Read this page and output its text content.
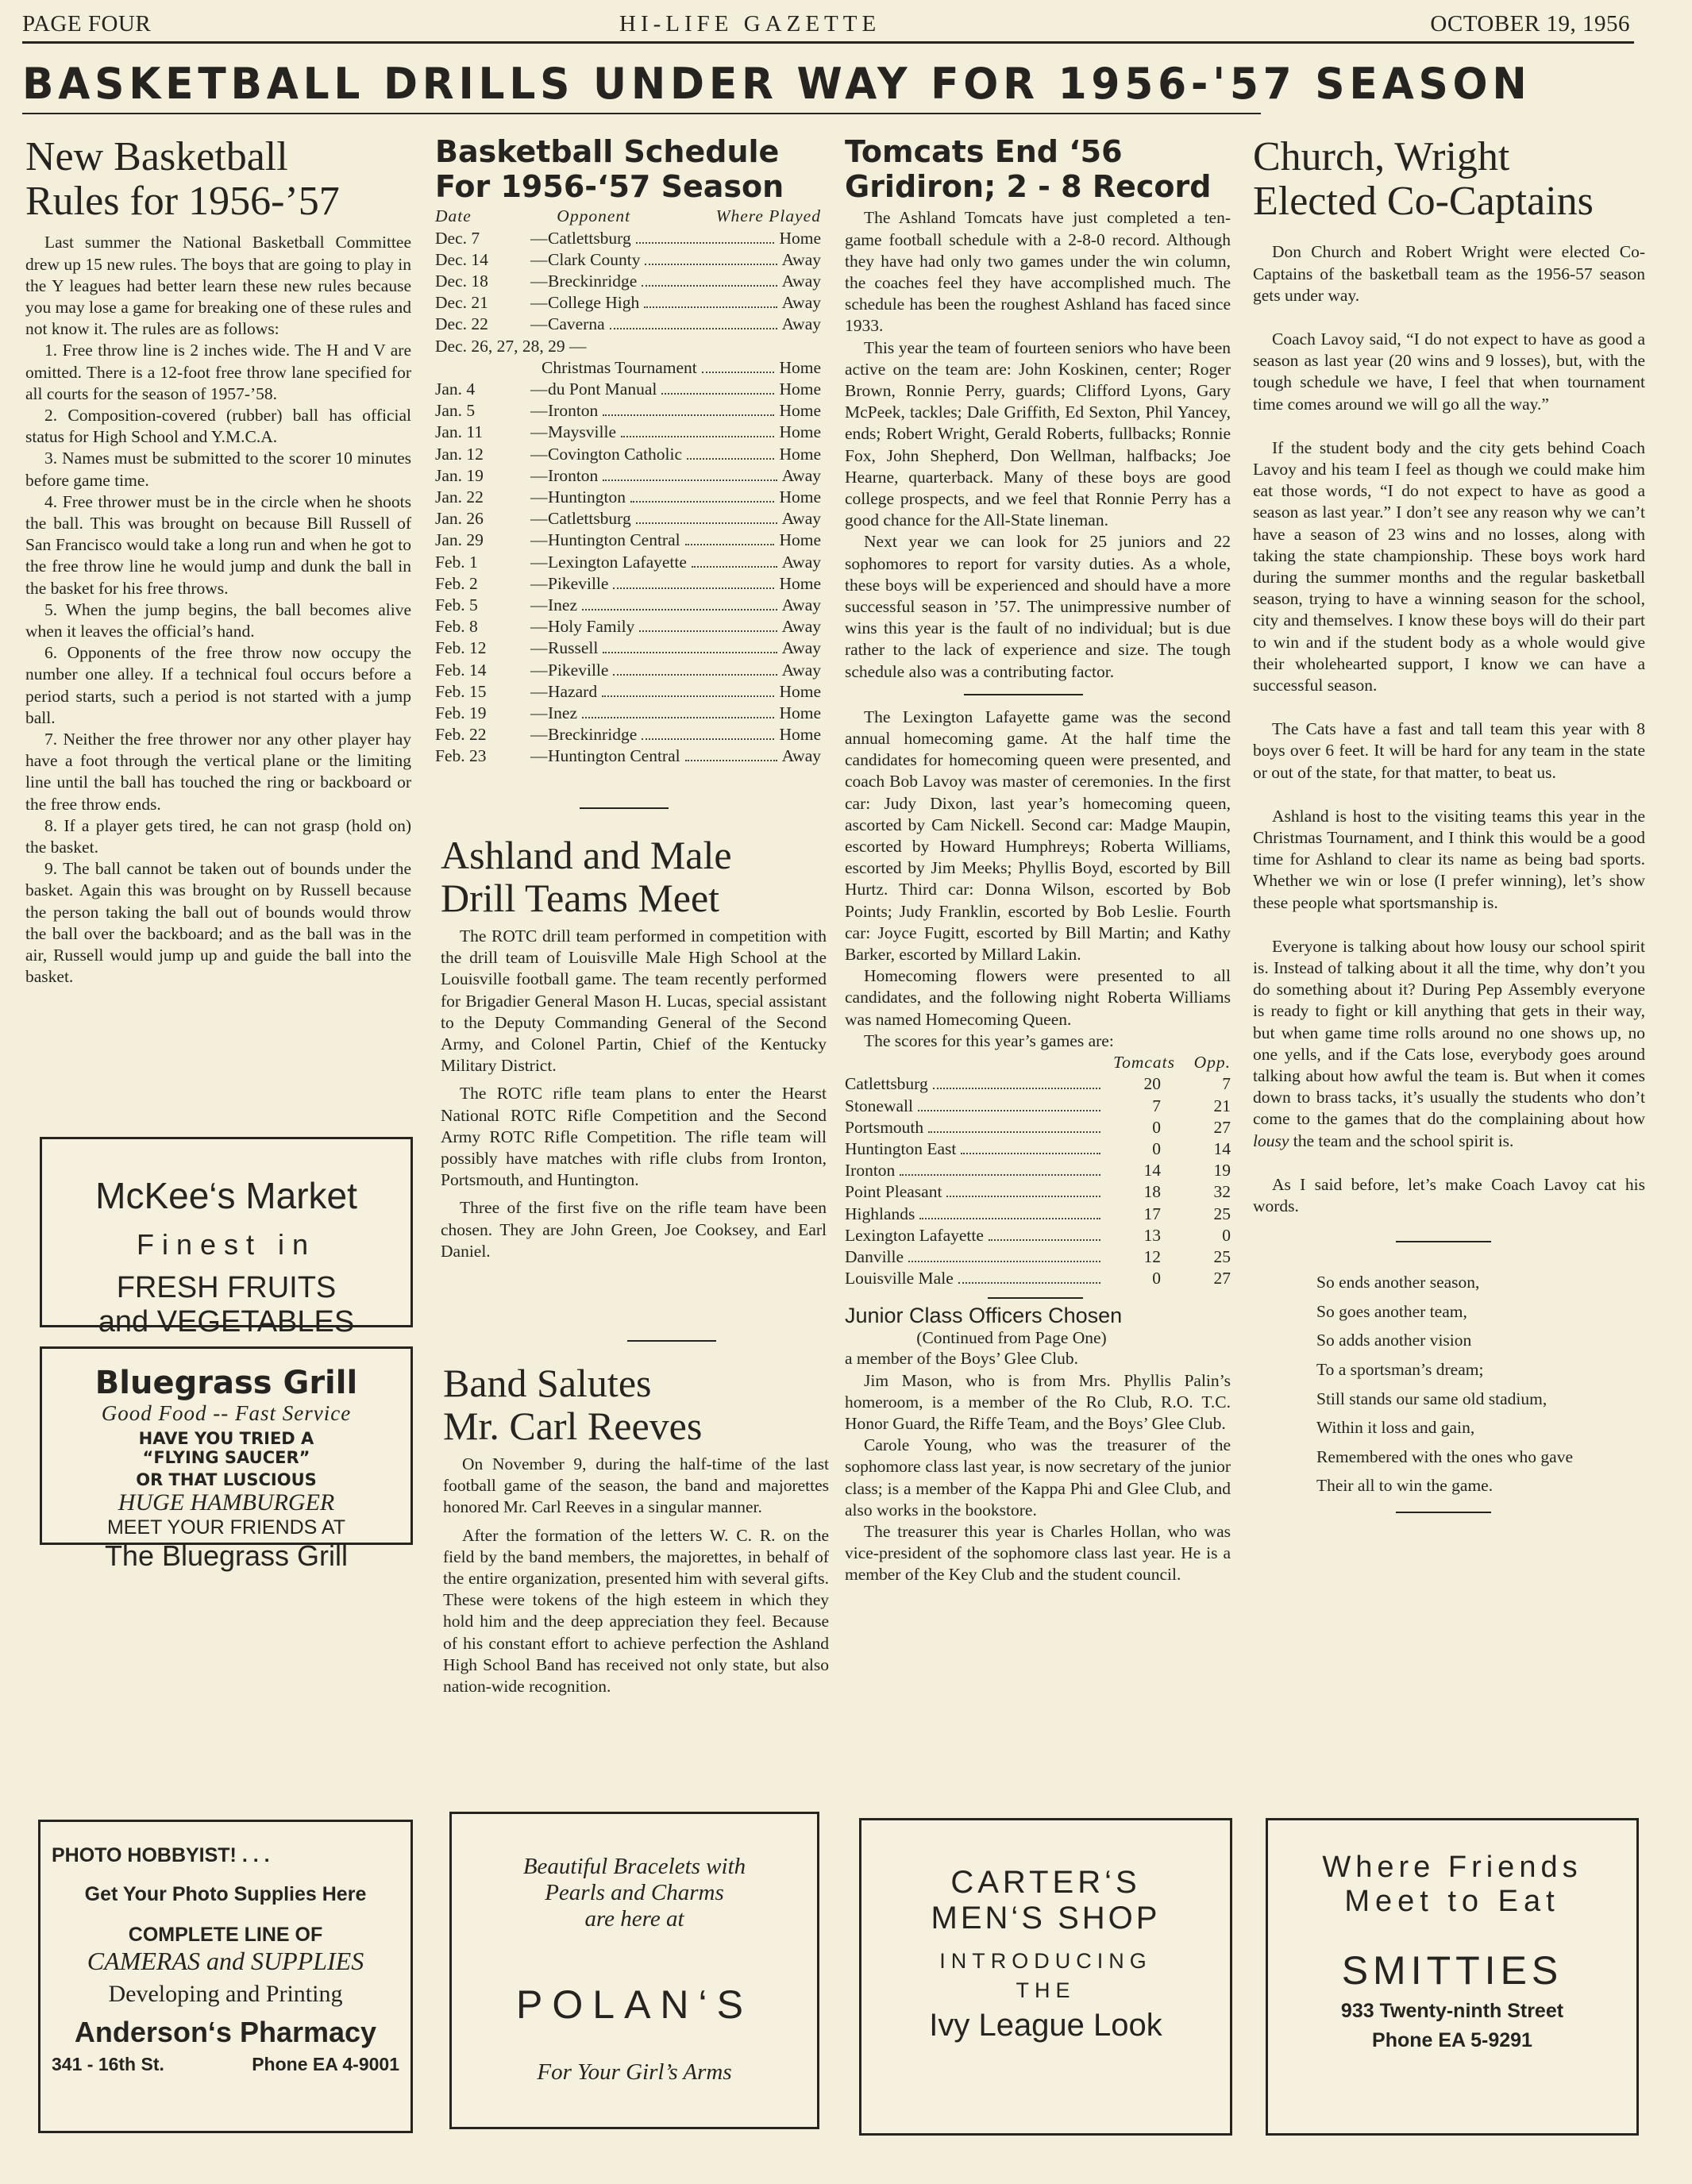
PAGE FOUR	HI-LIFE GAZETTE	OCTOBER 19, 1956
BASKETBALL DRILLS UNDER WAY FOR 1956-'57 SEASON
New Basketball
Rules for 1956-’57

Last summer the National Basketball Committee drew up 15 new rules. The boys that are going to play in the Y leagues had better learn these new rules because you may lose a game for breaking one of these rules and not know it. The rules are as follows:

1. Free throw line is 2 inches wide. The H and V are omitted. There is a 12-foot free throw lane specified for all courts for the season of 1957-’58.

2. Composition-covered (rubber) ball has official status for High School and Y.M.C.A.

3. Names must be submitted to the scorer 10 minutes before game time.

4. Free thrower must be in the circle when he shoots the ball. This was brought on because Bill Russell of San Francisco would take a long run and when he got to the free throw line he would jump and dunk the ball in the basket for his free throws.

5. When the jump begins, the ball becomes alive when it leaves the official’s hand.

6. Opponents of the free throw now occupy the number one alley. If a technical foul occurs before a period starts, such a period is not started with a jump ball.

7. Neither the free thrower nor any other player hay have a foot through the vertical plane or the limiting line until the ball has touched the ring or backboard or the free throw ends.

8. If a player gets tired, he can not grasp (hold on) the basket.

9. The ball cannot be taken out of bounds under the basket. Again this was brought on by Russell because the person taking the ball out of bounds would throw the ball over the backboard; and as the ball was in the air, Russell would jump up and guide the ball into the basket.

McKee‘s Market
Finest in
FRESH FRUITS
and VEGETABLES
Bluegrass Grill
Good Food -- Fast Service
HAVE YOU TRIED A
“FLYING SAUCER”
OR THAT LUSCIOUS
HUGE HAMBURGER
MEET YOUR FRIENDS AT
The Bluegrass Grill
PHOTO HOBBYIST! . . .
Get Your Photo Supplies Here
COMPLETE LINE OF
CAMERAS and SUPPLIES
Developing and Printing
Anderson‘s Pharmacy
341 - 16th St.	Phone EA 4-9001
Basketball Schedule
For 1956-‘57 Season
Date	Opponent	Where Played
Dec. 7	— Catlettsburg	Home
Dec. 14	— Clark County	Away
Dec. 18	— Breckinridge	Away
Dec. 21	— College High	Away
Dec. 22	— Caverna	Away
Dec. 26, 27, 28, 29 —
Christmas Tournament	Home
Jan. 4	— du Pont Manual	Home
Jan. 5	— Ironton	Home
Jan. 11	— Maysville	Home
Jan. 12	— Covington Catholic	Home
Jan. 19	— Ironton	Away
Jan. 22	— Huntington	Home
Jan. 26	— Catlettsburg	Away
Jan. 29	— Huntington Central	Home
Feb. 1	— Lexington Lafayette	Away
Feb. 2	— Pikeville	Home
Feb. 5	— Inez	Away
Feb. 8	— Holy Family	Away
Feb. 12	— Russell	Away
Feb. 14	— Pikeville	Away
Feb. 15	— Hazard	Home
Feb. 19	— Inez	Home
Feb. 22	— Breckinridge	Home
Feb. 23	— Huntington Central	Away
Ashland and Male
Drill Teams Meet

The ROTC drill team performed in competition with the drill team of Louisville Male High School at the Louisville football game. The team recently performed for Brigadier General Mason H. Lucas, special assistant to the Deputy Commanding General of the Second Army, and Colonel Partin, Chief of the Kentucky Military District.

The ROTC rifle team plans to enter the Hearst National ROTC Rifle Competition and the Second Army ROTC Rifle Competition. The rifle team will possibly have matches with rifle clubs from Ironton, Portsmouth, and Huntington.

Three of the first five on the rifle team have been chosen. They are John Green, Joe Cooksey, and Earl Daniel.

Band Salutes
Mr. Carl Reeves

On November 9, during the half-time of the last football game of the season, the band and majorettes honored Mr. Carl Reeves in a singular manner.

After the formation of the letters W. C. R. on the field by the band members, the majorettes, in behalf of the entire organization, presented him with several gifts. These were tokens of the high esteem in which they hold him and the deep appreciation they feel. Because of his constant effort to achieve perfection the Ashland High School Band has received not only state, but also nation-wide recognition.

Beautiful Bracelets with
Pearls and Charms
are here at
POLAN‘S
For Your Girl’s Arms
Tomcats End ‘56
Gridiron; 2 - 8 Record

The Ashland Tomcats have just completed a ten-game football schedule with a 2-8-0 record. Although they have had only two games under the win column, the coaches feel they have accomplished much. The schedule has been the roughest Ashland has faced since 1933.

This year the team of fourteen seniors who have been active on the team are: John Koskinen, center; Roger Brown, Ronnie Perry, guards; Clifford Lyons, Gary McPeek, tackles; Dale Griffith, Ed Sexton, Phil Yancey, ends; Robert Wright, Gerald Roberts, fullbacks; Ronnie Fox, John Shepherd, Don Wellman, halfbacks; Joe Hearne, quarterback. Many of these boys are good college prospects, and we feel that Ronnie Perry has a good chance for the All-State lineman.

Next year we can look for 25 juniors and 22 sophomores to report for varsity duties. As a whole, these boys will be experienced and should have a more successful season in ’57. The unimpressive number of wins this year is the fault of no individual; but is due rather to the lack of experience and size. The tough schedule also was a contributing factor.

The Lexington Lafayette game was the second annual homecoming game. At the half time the candidates for homecoming queen were presented, and coach Bob Lavoy was master of ceremonies. In the first car: Judy Dixon, last year’s homecoming queen, ascorted by Cam Nickell. Second car: Madge Maupin, escorted by Howard Humphreys; Roberta Williams, escorted by Jim Meeks; Phyllis Boyd, escorted by Bill Hurtz. Third car: Donna Wilson, escorted by Bob Points; Judy Franklin, escorted by Bob Leslie. Fourth car: Joyce Fugitt, escorted by Bill Martin; and Kathy Barker, escorted by Millard Lakin.

Homecoming flowers were presented to all candidates, and the following night Roberta Williams was named Homecoming Queen.

The scores for this year’s games are:

Tomcats	Opp.
Catlettsburg	20	7
Stonewall	7	21
Portsmouth	0	27
Huntington East	0	14
Ironton	14	19
Point Pleasant	18	32
Highlands	17	25
Lexington Lafayette	13	0
Danville	12	25
Louisville Male	0	27
Junior Class Officers Chosen
(Continued from Page One)
a member of the Boys’ Glee Club.

Jim Mason, who is from Mrs. Phyllis Palin’s homeroom, is a member of the Ro Club, R.O. T.C. Honor Guard, the Riffe Team, and the Boys’ Glee Club.

Carole Young, who was the treasurer of the sophomore class last year, is now secretary of the junior class; is a member of the Kappa Phi and Glee Club, and also works in the bookstore.

The treasurer this year is Charles Hollan, who was vice-president of the sophomore class last year. He is a member of the Key Club and the student council.

CARTER‘S
MEN‘S SHOP
INTRODUCING
THE
Ivy League Look
Church, Wright
Elected Co-Captains

Don Church and Robert Wright were elected Co-Captains of the basketball team as the 1956-57 season gets under way.

Coach Lavoy said, “I do not expect to have as good a season as last year (20 wins and 9 losses), but, with the tough schedule we have, I feel that when tournament time comes around we will go all the way.”

If the student body and the city gets behind Coach Lavoy and his team I feel as though we could make him eat those words, “I do not expect to have as good a season as last year.” I don’t see any reason why we can’t have a season of 23 wins and no losses, along with taking the state championship. These boys work hard during the summer months and the regular basketball season, trying to have a winning season for the school, city and themselves. I know these boys will do their part to win and if the student body as a whole would give their wholehearted support, I know we can have a successful season.

The Cats have a fast and tall team this year with 8 boys over 6 feet. It will be hard for any team in the state or out of the state, for that matter, to beat us.

Ashland is host to the visiting teams this year in the Christmas Tournament, and I think this would be a good time for Ashland to clear its name as being bad sports. Whether we win or lose (I prefer winning), let’s show these people what sportsmanship is.

Everyone is talking about how lousy our school spirit is. Instead of talking about it all the time, why don’t you do something about it? During Pep Assembly everyone is ready to fight or kill anything that gets in their way, but when game time rolls around no one shows up, no one yells, and if the Cats lose, everybody goes around talking about how awful the team is. But when it comes down to brass tacks, it’s usually the students who don’t come to the games that do the complaining about how lousy the team and the school spirit is.

As I said before, let’s make Coach Lavoy cat his words.

So ends another season,
So goes another team,
So adds another vision
To a sportsman’s dream;
Still stands our same old stadium,
Within it loss and gain,
Remembered with the ones who gave
Their all to win the game.
Where Friends
Meet to Eat
SMITTIES
933 Twenty-ninth Street
Phone EA 5-9291
